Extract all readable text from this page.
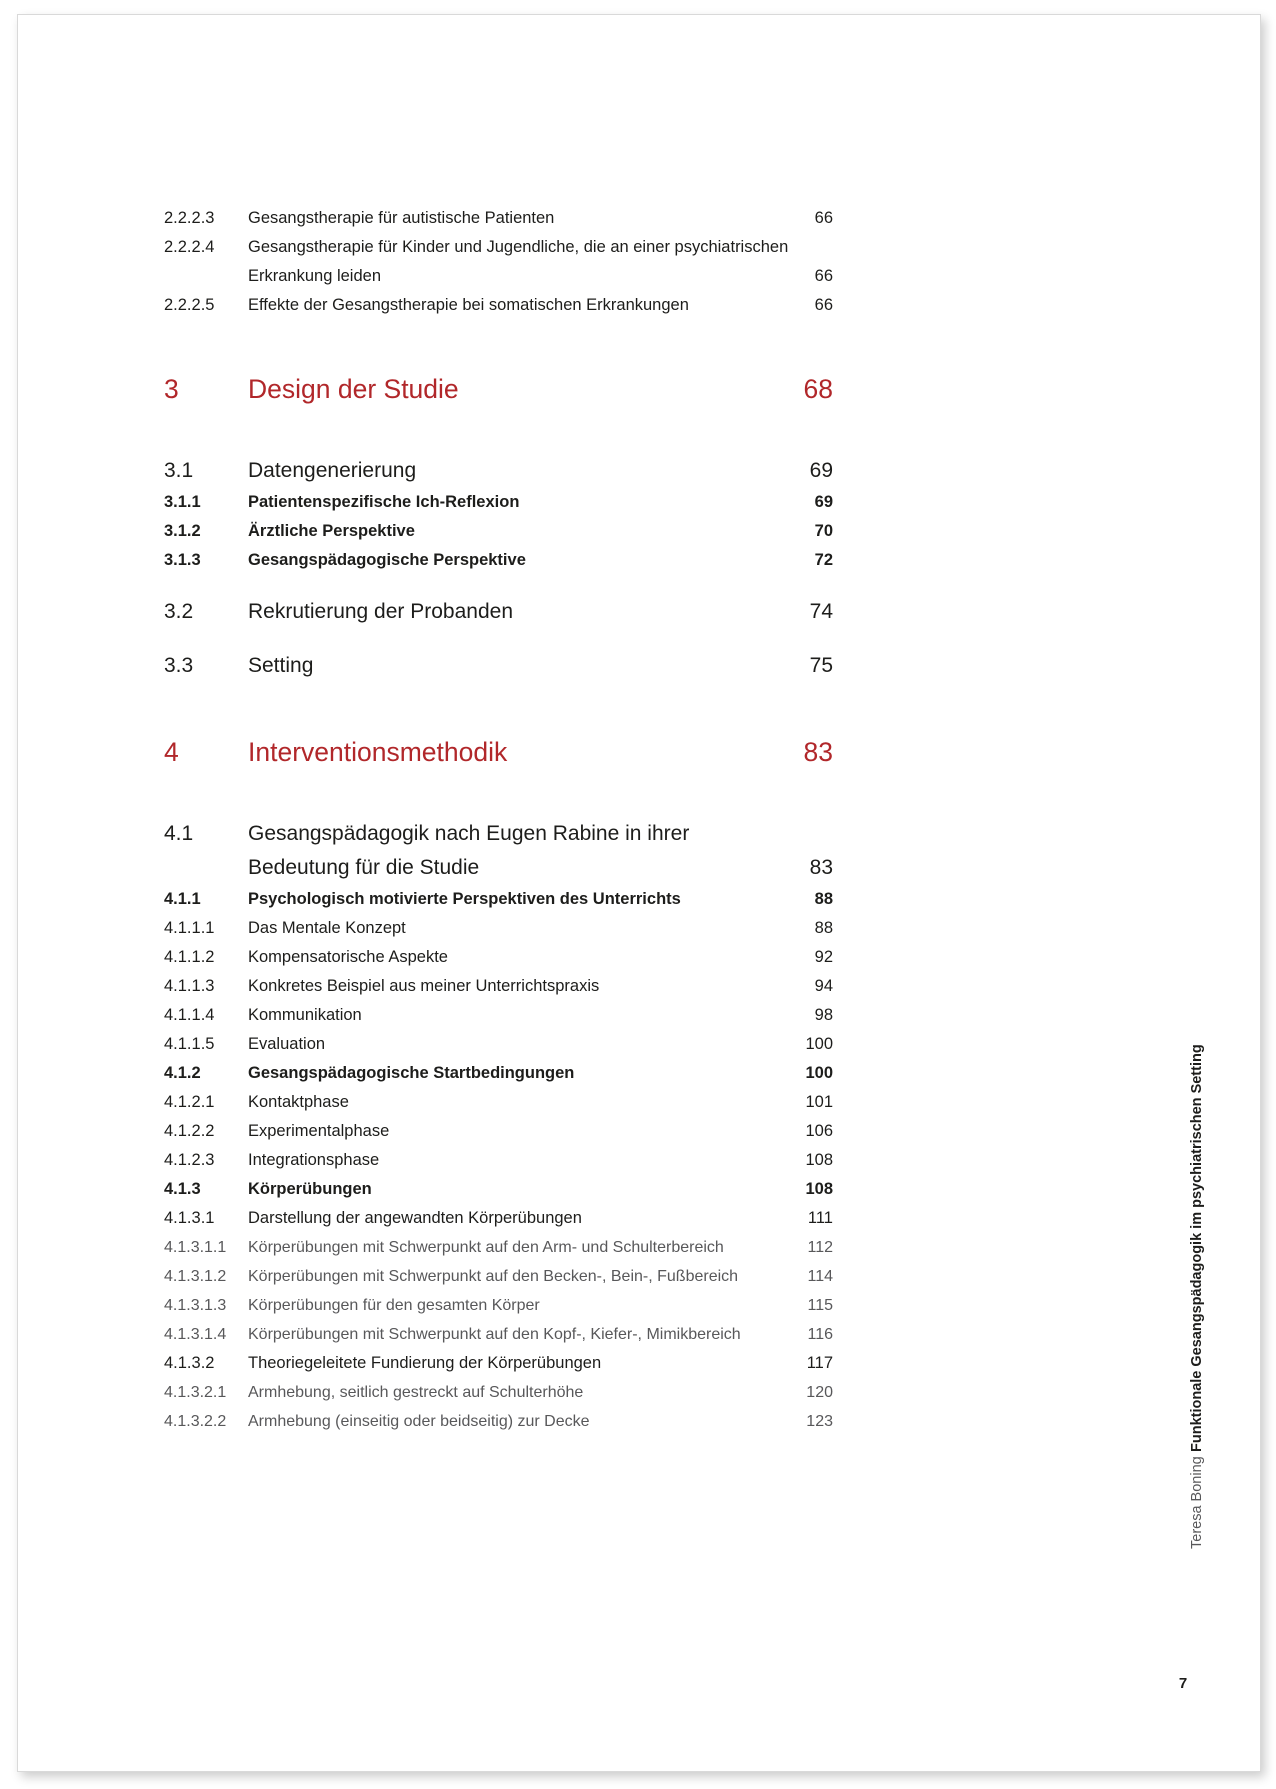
2.2.2.3	Gesangstherapie für autistische Patienten	66
2.2.2.4	Gesangstherapie für Kinder und Jugendliche, die an einer psychiatrischen
Erkrankung leiden	66
2.2.2.5	Effekte der Gesangstherapie bei somatischen Erkrankungen	66
3	Design der Studie	68
3.1	Datengenerierung	69
3.1.1	Patientenspezifische Ich-Reflexion	69
3.1.2	Ärztliche Perspektive	70
3.1.3	Gesangspädagogische Perspektive	72
3.2	Rekrutierung der Probanden	74
3.3	Setting	75
4	Interventionsmethodik	83
4.1	Gesangspädagogik nach Eugen Rabine in ihrer
Bedeutung für die Studie	83
4.1.1	Psychologisch motivierte Perspektiven des Unterrichts	88
4.1.1.1	Das Mentale Konzept	88
4.1.1.2	Kompensatorische Aspekte	92
4.1.1.3	Konkretes Beispiel aus meiner Unterrichtspraxis	94
4.1.1.4	Kommunikation	98
4.1.1.5	Evaluation	100
4.1.2	Gesangspädagogische Startbedingungen	100
4.1.2.1	Kontaktphase	101
4.1.2.2	Experimentalphase	106
4.1.2.3	Integrationsphase	108
4.1.3	Körperübungen	108
4.1.3.1	Darstellung der angewandten Körperübungen	111
4.1.3.1.1	Körperübungen mit Schwerpunkt auf den Arm- und Schulterbereich	112
4.1.3.1.2	Körperübungen mit Schwerpunkt auf den Becken-, Bein-, Fußbereich	114
4.1.3.1.3	Körperübungen für den gesamten Körper	115
4.1.3.1.4	Körperübungen mit Schwerpunkt auf den Kopf-, Kiefer-, Mimikbereich	116
4.1.3.2	Theoriegeleitete Fundierung der Körperübungen	117
4.1.3.2.1	Armhebung, seitlich gestreckt auf Schulterhöhe	120
4.1.3.2.2	Armhebung (einseitig oder beidseitig) zur Decke	123
Teresa Boning

Funktionale Gesangspädagogik im psychiatrischen Setting
7
